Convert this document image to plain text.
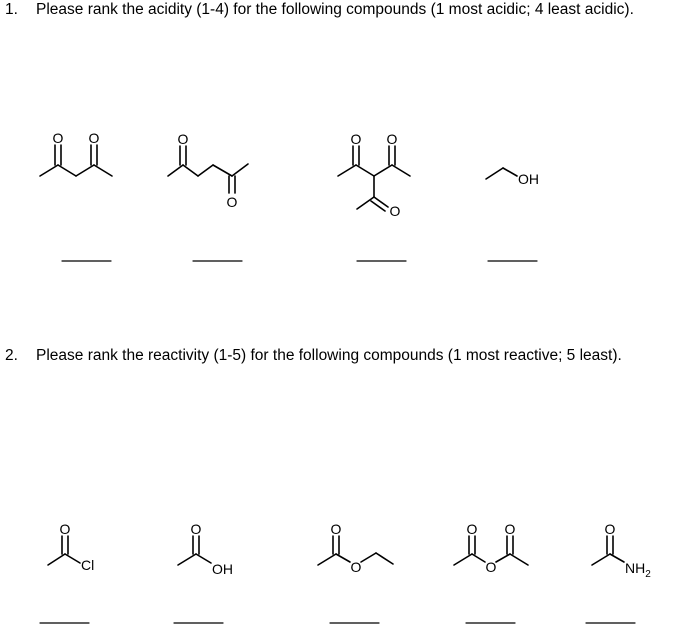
1. Please rank the acidity (1-4) for the following compounds (1 most acidic; 4 least acidic).
2. Please rank the reactivity (1-5) for the following compounds (1 most reactive; 5 least).
O O	O
O
O O
O
OH
O
Cl
O
OH
O
O
O O
O
O
$NH_2$
